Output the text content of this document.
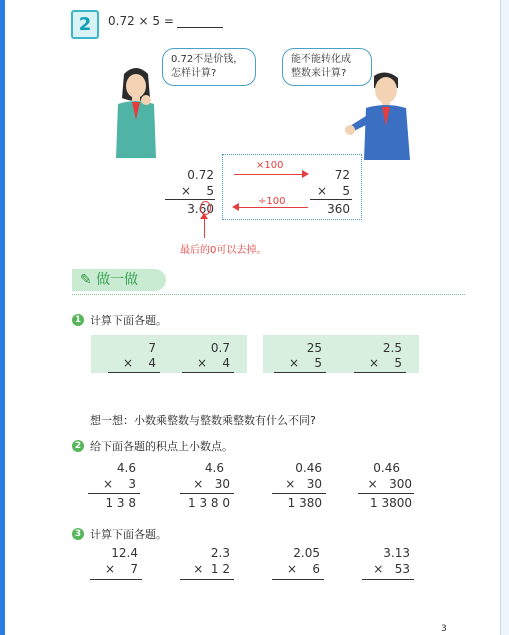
2	0.72 × 5 =
0.72不是价钱，
怎样计算?
能不能转化成
整数来计算?
0.72
×    5
3.60
×100
÷100
72
×    5
360
最后的0可以去掉。
✎ 做一做
1 计算下面各题。
7
×    4
0.7
×    4
25
×    5
2.5
×    5
想一想：小数乘整数与整数乘整数有什么不同?
2 给下面各题的积点上小数点。
4.6
×    3
1 3 8
4.6
×   30
1 3 8 0
0.46
×   30
1 380
0.46
×   300
1 3800
3 计算下面各题。
12.4
×    7
2.3
×  1 2
2.05
×    6
3.13
×   53
3
